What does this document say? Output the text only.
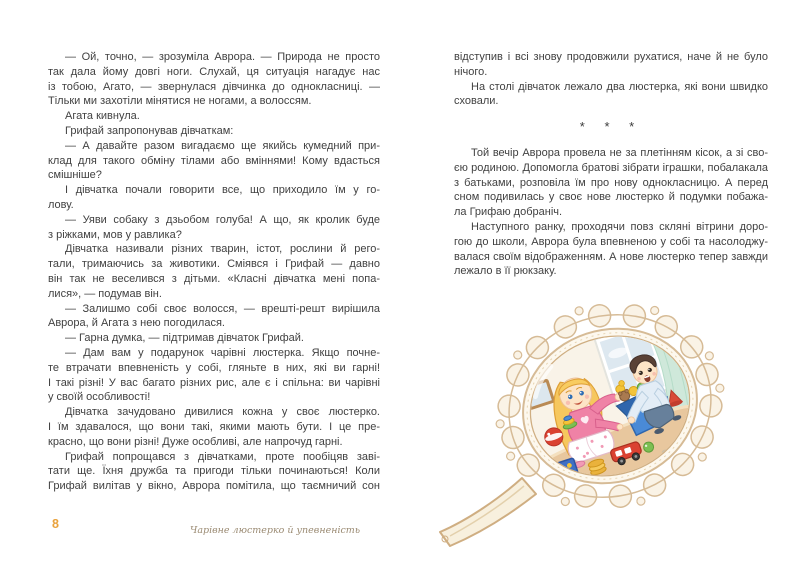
— Ой, точно, — зрозуміла Аврора. — Природа не просто
так дала йому довгі ноги. Слухай, ця ситуація нагадує нас
із тобою, Агато, — звернулася дівчинка до однокласниці. —
Тільки ми захотіли мінятися не ногами, а волоссям.
Агата кивнула.
Грифай запропонував дівчаткам:
— А давайте разом вигадаємо ще якийсь кумедний при-
клад для такого обміну тілами або вміннями! Кому вдасться
смішніше?
І дівчатка почали говорити все, що приходило їм у го-
лову.
— Уяви собаку з дзьобом голуба! А що, як кролик буде
з ріжками, мов у равлика?
Дівчатка називали різних тварин, істот, рослини й рего-
тали, тримаючись за животики. Сміявся і Грифай — давно
він так не веселився з дітьми. «Класні дівчатка мені попа-
лися», — подумав він.
— Залишмо собі своє волосся, — врешті-решт вирішила
Аврора, й Агата з нею погодилася.
— Гарна думка, — підтримав дівчаток Грифай.
— Дам вам у подарунок чарівні люстерка. Якщо почне-
те втрачати впевненість у собі, гляньте в них, які ви гарні!
І такі різні! У вас багато різних рис, але є і спільна: ви чарівні
у своїй особливості!
Дівчатка зачудовано дивилися кожна у своє люстерко.
І їм здавалося, що вони такі, якими мають бути. І це пре-
красно, що вони різні! Дуже особливі, але напрочуд гарні.
Грифай попрощався з дівчатками, проте пообіцяв заві-
тати ще. Їхня дружба та пригоди тільки починаються! Коли
Грифай вилітав у вікно, Аврора помітила, що таємничий сон
8	Чарівне люстерко й упевненість
відступив і всі знову продовжили рухатися, наче й не було
нічого.
На столі дівчаток лежало два люстерка, які вони швидко
сховали.
* * *
Той вечір Аврора провела не за плетінням кісок, а зі сво-
єю родиною. Допомогла братові зібрати іграшки, побалакала
з батьками, розповіла їм про нову однокласницю. А перед
сном подивилась у своє нове люстерко й подумки побажа-
ла Грифаю добраніч.
Наступного ранку, проходячи повз скляні вітрини доро-
гою до школи, Аврора була впевненою у собі та насолоджу-
валася своїм відображенням. А нове люстерко тепер завжди
лежало в її рюкзаку.
